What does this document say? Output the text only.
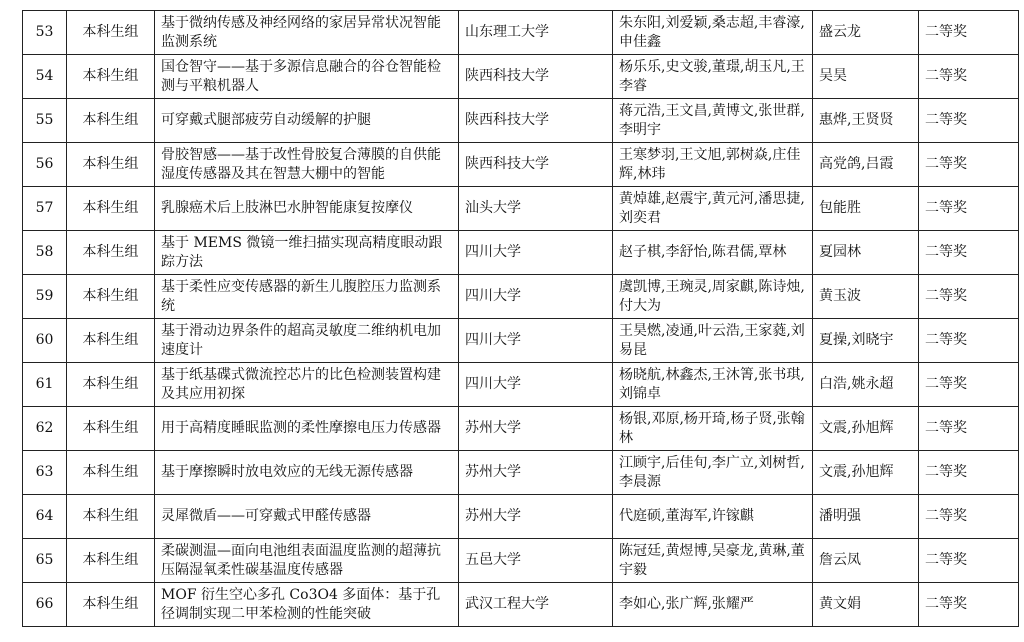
53	本科生组	基于微纳传感及神经网络的家居异常状况智能监测系统	山东理工大学	朱东阳,刘爱颖,桑志超,丰睿濠,申佳鑫	盛云龙	二等奖
54	本科生组	国仓智守——基于多源信息融合的谷仓智能检测与平粮机器人	陕西科技大学	杨乐乐,史文骏,董璟,胡玉凡,王李睿	吴昊	二等奖
55	本科生组	可穿戴式腿部疲劳自动缓解的护腿	陕西科技大学	蒋元浩,王文昌,黄博文,张世群,李明宇	惠烨,王贤贤	二等奖
56	本科生组	骨胶智感——基于改性骨胶复合薄膜的自供能湿度传感器及其在智慧大棚中的智能	陕西科技大学	王寒梦羽,王文旭,郭树焱,庄佳辉,林玮	高党鸽,吕霞	二等奖
57	本科生组	乳腺癌术后上肢淋巴水肿智能康复按摩仪	汕头大学	黄焯雄,赵震宇,黄元河,潘思捷,刘奕君	包能胜	二等奖
58	本科生组	基于 MEMS 微镜一维扫描实现高精度眼动跟踪方法	四川大学	赵子棋,李舒怡,陈君儒,覃林	夏园林	二等奖
59	本科生组	基于柔性应变传感器的新生儿腹腔压力监测系统	四川大学	虞凯博,王琬灵,周家麒,陈诗烛,付大为	黄玉波	二等奖
60	本科生组	基于滑动边界条件的超高灵敏度二维纳机电加速度计	四川大学	王昊燃,凌通,叶云浩,王家蕤,刘易昆	夏操,刘晓宇	二等奖
61	本科生组	基于纸基碟式微流控芯片的比色检测装置构建及其应用初探	四川大学	杨晓航,林鑫杰,王沐箐,张书琪,刘锦卓	白浩,姚永超	二等奖
62	本科生组	用于高精度睡眠监测的柔性摩擦电压力传感器	苏州大学	杨银,邓原,杨开琦,杨子贤,张翰林	文震,孙旭辉	二等奖
63	本科生组	基于摩擦瞬时放电效应的无线无源传感器	苏州大学	江顾宇,后佳旬,李广立,刘树哲,李晨源	文震,孙旭辉	二等奖
64	本科生组	灵犀微盾——可穿戴式甲醛传感器	苏州大学	代庭硕,董海军,许镓麒	潘明强	二等奖
65	本科生组	柔碳测温—面向电池组表面温度监测的超薄抗压隔湿氧柔性碳基温度传感器	五邑大学	陈冠廷,黄煜博,吴豪龙,黄琳,董宇毅	詹云凤	二等奖
66	本科生组	MOF 衍生空心多孔 Co3O4 多面体：基于孔径调制实现二甲苯检测的性能突破	武汉工程大学	李如心,张广辉,张耀严	黄文娟	二等奖
